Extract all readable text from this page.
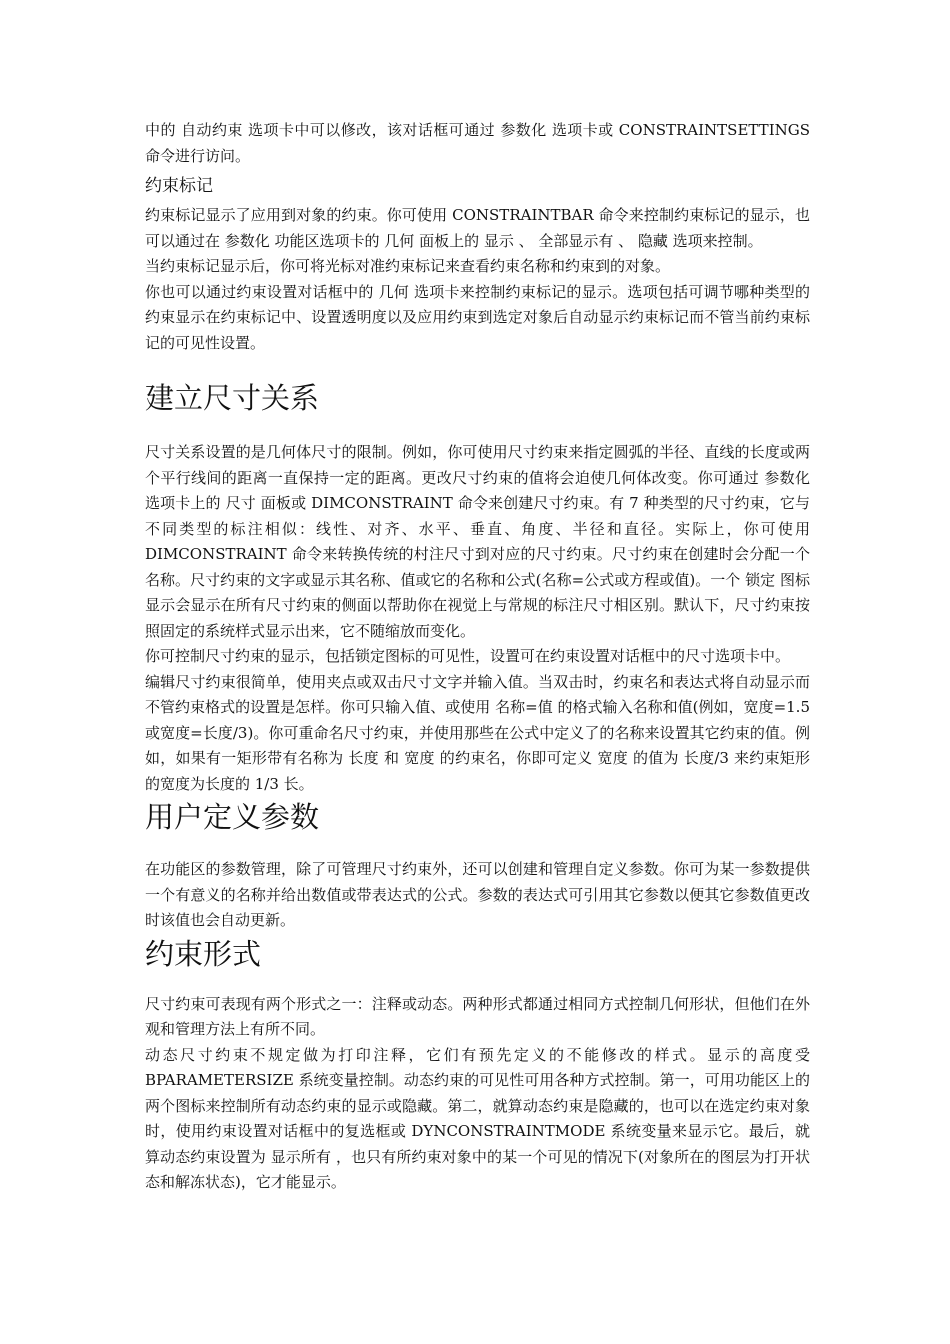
中的 自动约束 选项卡中可以修改，该对话框可通过 参数化 选项卡或 CONSTRAINTSETTINGS 命令进行访问。

约束标记

约束标记显示了应用到对象的约束。你可使用 CONSTRAINTBAR 命令来控制约束标记的显示，也可以通过在 参数化 功能区选项卡的 几何 面板上的 显示 、 全部显示有 、 隐藏 选项来控制。

当约束标记显示后，你可将光标对准约束标记来查看约束名称和约束到的对象。

你也可以通过约束设置对话框中的 几何 选项卡来控制约束标记的显示。选项包括可调节哪种类型的约束显示在约束标记中、设置透明度以及应用约束到选定对象后自动显示约束标记而不管当前约束标记的可见性设置。

建立尺寸关系

尺寸关系设置的是几何体尺寸的限制。例如，你可使用尺寸约束来指定圆弧的半径、直线的长度或两个平行线间的距离一直保持一定的距离。更改尺寸约束的值将会迫使几何体改变。你可通过 参数化 选项卡上的 尺寸 面板或 DIMCONSTRAINT 命令来创建尺寸约束。有 7 种类型的尺寸约束，它与不同类型的标注相似：线性、对齐、水平、垂直、角度、半径和直径。实际上，你可使用 DIMCONSTRAINT 命令来转换传统的村注尺寸到对应的尺寸约束。尺寸约束在创建时会分配一个名称。尺寸约束的文字或显示其名称、值或它的名称和公式(名称=公式或方程或值)。一个 锁定 图标显示会显示在所有尺寸约束的侧面以帮助你在视觉上与常规的标注尺寸相区别。默认下，尺寸约束按照固定的系统样式显示出来，它不随缩放而变化。

你可控制尺寸约束的显示，包括锁定图标的可见性，设置可在约束设置对话框中的尺寸选项卡中。

编辑尺寸约束很简单，使用夹点或双击尺寸文字并输入值。当双击时，约束名和表达式将自动显示而不管约束格式的设置是怎样。你可只输入值、或使用 名称=值 的格式输入名称和值(例如，宽度=1.5 或宽度=长度/3)。你可重命名尺寸约束，并使用那些在公式中定义了的名称来设置其它约束的值。例如，如果有一矩形带有名称为 长度 和 宽度 的约束名，你即可定义 宽度 的值为 长度/3 来约束矩形的宽度为长度的 1/3 长。

用户定义参数

在功能区的参数管理，除了可管理尺寸约束外，还可以创建和管理自定义参数。你可为某一参数提供一个有意义的名称并给出数值或带表达式的公式。参数的表达式可引用其它参数以便其它参数值更改时该值也会自动更新。

约束形式

尺寸约束可表现有两个形式之一：注释或动态。两种形式都通过相同方式控制几何形状，但他们在外观和管理方法上有所不同。

动态尺寸约束不规定做为打印注释，它们有预先定义的不能修改的样式。显示的高度受 BPARAMETERSIZE 系统变量控制。动态约束的可见性可用各种方式控制。第一，可用功能区上的两个图标来控制所有动态约束的显示或隐藏。第二，就算动态约束是隐藏的，也可以在选定约束对象时，使用约束设置对话框中的复选框或 DYNCONSTRAINTMODE 系统变量来显示它。最后，就算动态约束设置为 显示所有 ，也只有所约束对象中的某一个可见的情况下(对象所在的图层为打开状态和解冻状态)，它才能显示。
